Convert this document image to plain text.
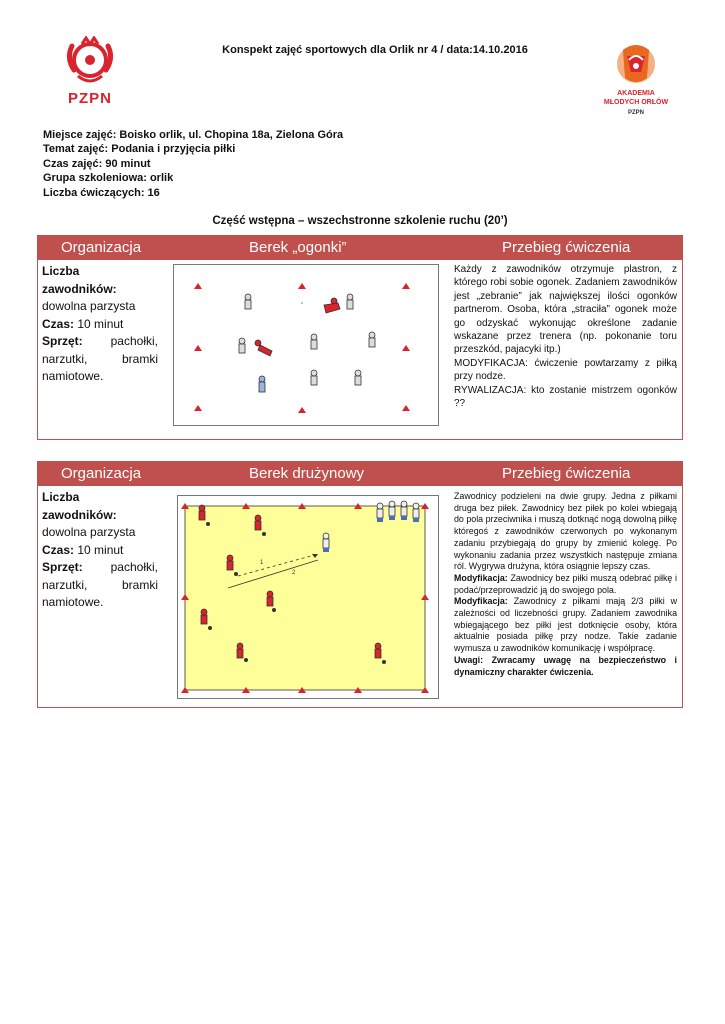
PZPN
Konspekt zajęć sportowych dla Orlik nr 4 / data:14.10.2016
AKADEMIA
MŁODYCH ORŁÓW
PZPN
Miejsce zajęć: Boisko orlik, ul. Chopina 18a, Zielona Góra
Temat zajęć: Podania i przyjęcia piłki
Czas zajęć: 90 minut
Grupa szkoleniowa: orlik
Liczba ćwiczących: 16
Część wstępna – wszechstronne szkolenie ruchu (20’)
Organizacja	Berek „ogonki”	Przebieg ćwiczenia
Liczba
zawodników:
dowolna parzysta
Czas: 10 minut
Sprzęt: pachołki,
narzutki,	bramki
namiotowe.

Każdy z zawodników otrzymuje plastron, z którego robi sobie ogonek. Zadaniem zawodników jest „zebranie” jak największej ilości ogonków partnerom. Osoba, która „straciła” ogonek może go odzyskać wykonując określone zadanie wskazane przez trenera (np. pokonanie toru przeszkód, pajacyki itp.)

MODYFIKACJA: ćwiczenie powtarzamy z piłką przy nodze.

RYWALIZACJA: kto zostanie mistrzem ogonków ??

Organizacja	Berek drużynowy	Przebieg ćwiczenia
Liczba
zawodników:
dowolna parzysta
Czas: 10 minut
Sprzęt: pachołki,
narzutki,	bramki
namiotowe.
1
2

Zawodnicy podzieleni na dwie grupy. Jedna z piłkami druga bez piłek. Zawodnicy bez piłek po kolei wbiegają do pola przeciwnika i muszą dotknąć nogą dowolną piłkę któregoś z zawodników czerwonych po wykonanym zadaniu przybiegają do grupy by zmienić kolegę. Po wykonaniu zadania przez wszystkich następuje zmiana ról. Wygrywa drużyna, która osiągnie lepszy czas.

Modyfikacja: Zawodnicy bez piłki muszą odebrać piłkę i podać/przeprowadzić ją do swojego pola.

Modyfikacja: Zawodnicy z piłkami mają 2/3 piłki w zależności od liczebności grupy. Zadaniem zawodnika wbiegającego bez piłki jest dotknięcie osoby, która aktualnie posiada piłkę przy nodze. Takie zadanie wymusza u zawodników komunikację i współpracę.

Uwagi: Zwracamy uwagę na bezpieczeństwo i dynamiczny charakter ćwiczenia.
